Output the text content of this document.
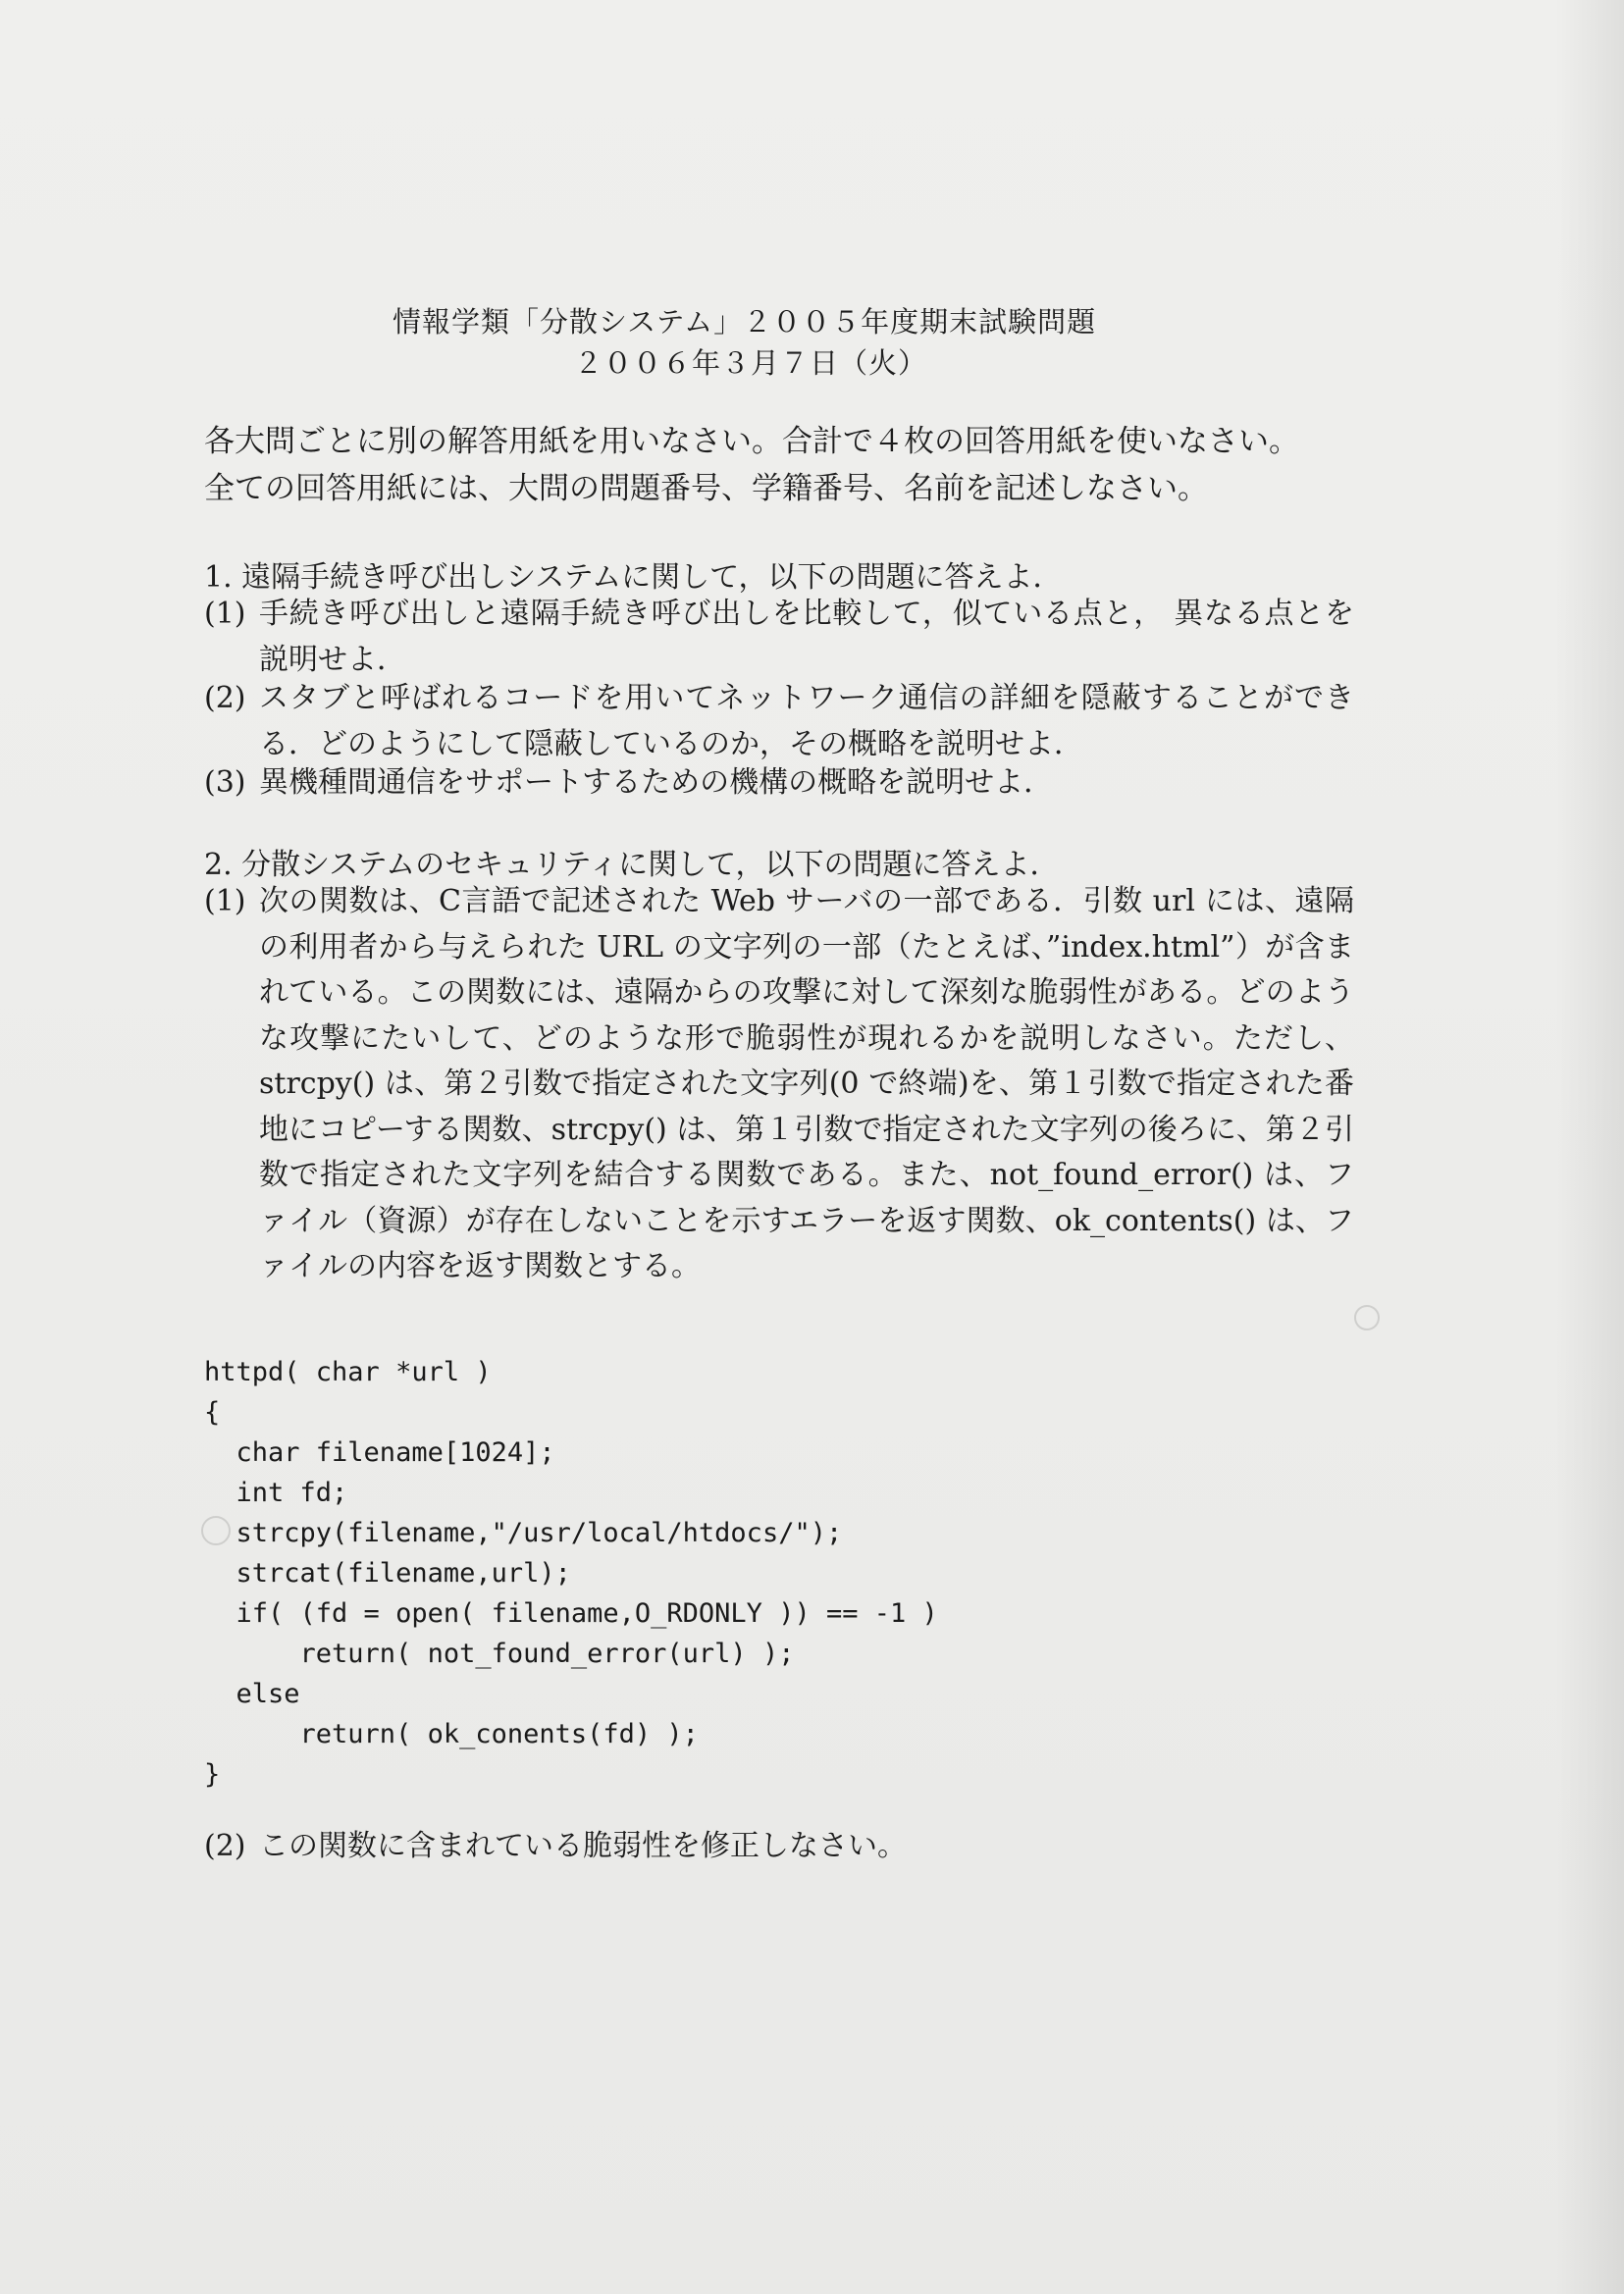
情報学類「分散システム」２００５年度期末試験問題
２００６年３月７日（火）
各大問ごとに別の解答用紙を用いなさい。合計で４枚の回答用紙を使いなさい。
全ての回答用紙には、大問の問題番号、学籍番号、名前を記述しなさい。
1. 遠隔手続き呼び出しシステムに関して，以下の問題に答えよ．
(1) 手続き呼び出しと遠隔手続き呼び出しを比較して，似ている点と， 異なる点とを説明せよ．
(2) スタブと呼ばれるコードを用いてネットワーク通信の詳細を隠蔽することができる．どのようにして隠蔽しているのか，その概略を説明せよ．
(3) 異機種間通信をサポートするための機構の概略を説明せよ．
2. 分散システムのセキュリティに関して，以下の問題に答えよ．
(1) 次の関数は、C言語で記述された Web サーバの一部である．引数 url には、遠隔の利用者から与えられた URL の文字列の一部（たとえば、”index.html”）が含まれている。この関数には、遠隔からの攻撃に対して深刻な脆弱性がある。どのような攻撃にたいして、どのような形で脆弱性が現れるかを説明しなさい。ただし、strcpy() は、第２引数で指定された文字列(0 で終端)を、第１引数で指定された番地にコピーする関数、strcpy() は、第１引数で指定された文字列の後ろに、第２引数で指定された文字列を結合する関数である。また、not_found_error() は、ファイル（資源）が存在しないことを示すエラーを返す関数、ok_contents() は、ファイルの内容を返す関数とする。
httpd( char *url )
{
char filename[1024];
int fd;
strcpy(filename,"/usr/local/htdocs/");
strcat(filename,url);
if( (fd = open( filename,O_RDONLY )) == -1 )
return( not_found_error(url) );
else
return( ok_conents(fd) );
}
(2) この関数に含まれている脆弱性を修正しなさい。
